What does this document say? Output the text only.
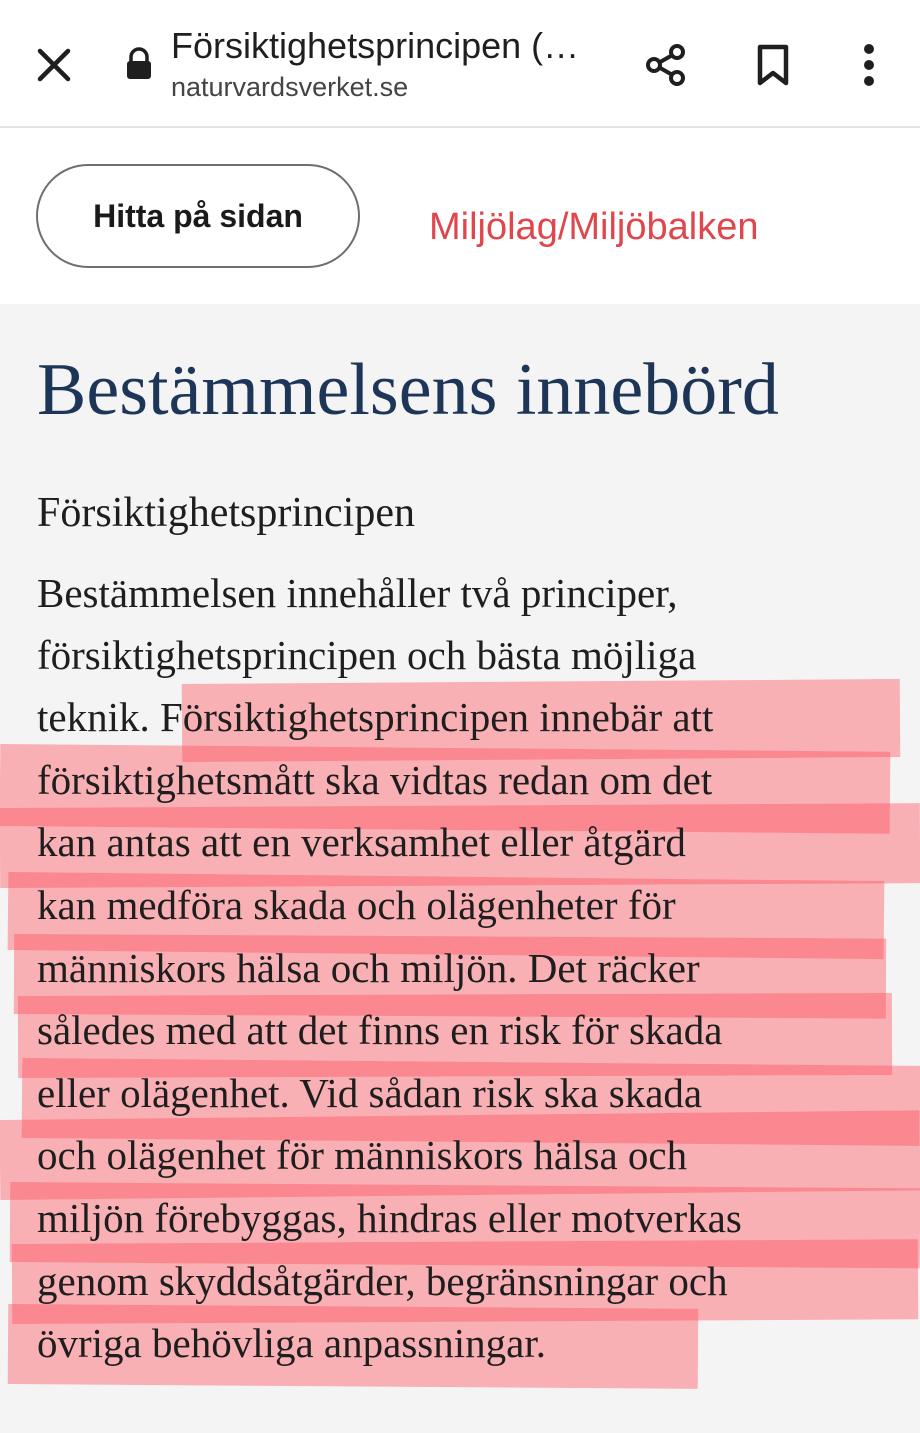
Försiktighetsprincipen (…
naturvardsverket.se
Hitta på sidan	Miljölag/Miljöbalken
Bestämmelsens innebörd
Försiktighetsprincipen
Bestämmelsen innehåller två principer,
försiktighetsprincipen och bästa möjliga
teknik. Försiktighetsprincipen innebär att
försiktighetsmått ska vidtas redan om det
kan antas att en verksamhet eller åtgärd
kan medföra skada och olägenheter för
människors hälsa och miljön. Det räcker
således med att det finns en risk för skada
eller olägenhet. Vid sådan risk ska skada
och olägenhet för människors hälsa och
miljön förebyggas, hindras eller motverkas
genom skyddsåtgärder, begränsningar och
övriga behövliga anpassningar.
